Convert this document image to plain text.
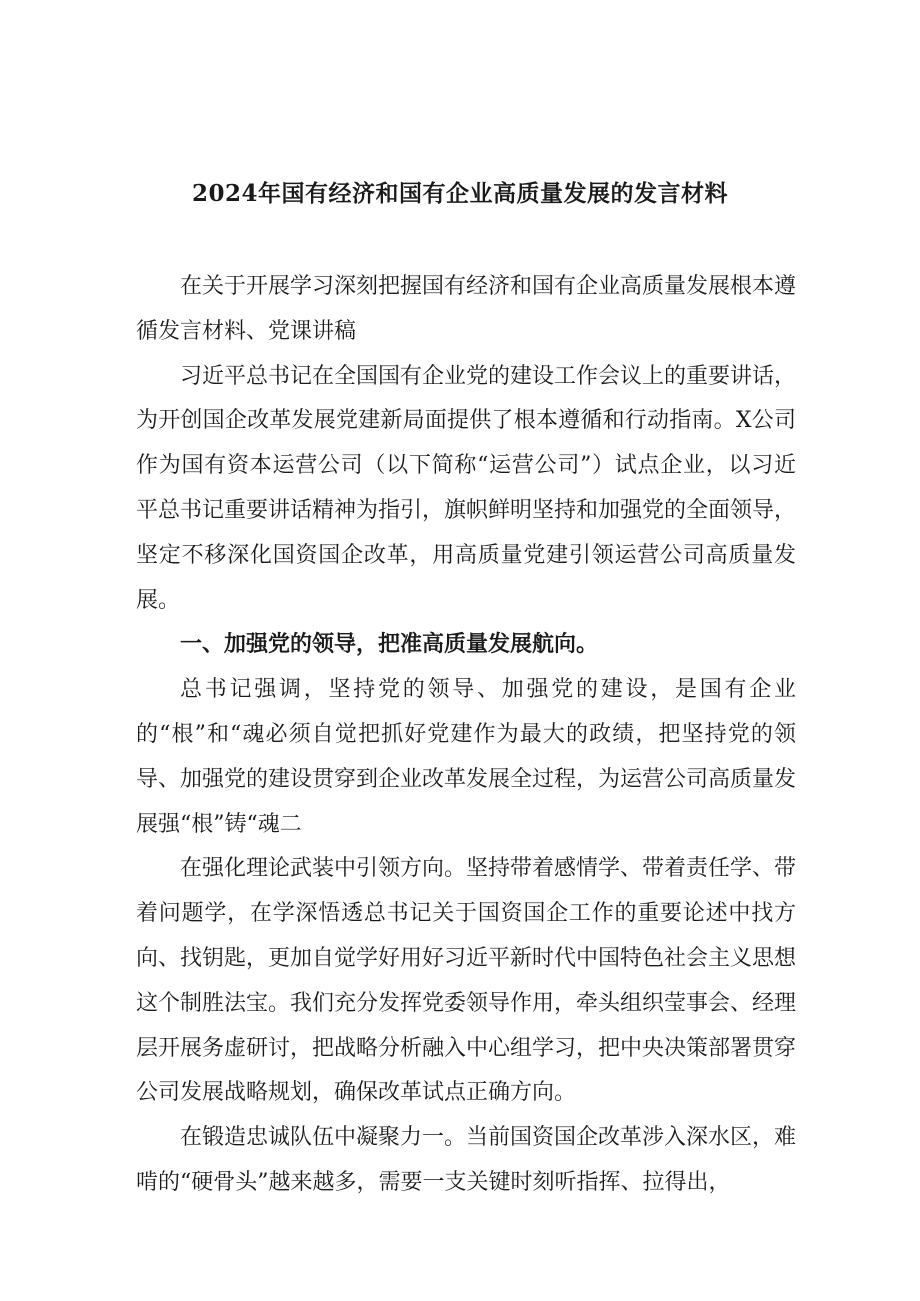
2024年国有经济和国有企业高质量发展的发言材料

在关于开展学习深刻把握国有经济和国有企业高质量发展根本遵循发言材料、党课讲稿

习近平总书记在全国国有企业党的建设工作会议上的重要讲话，为开创国企改革发展党建新局面提供了根本遵循和行动指南。X公司作为国有资本运营公司（以下简称“运营公司”）试点企业，以习近平总书记重要讲话精神为指引，旗帜鲜明坚持和加强党的全面领导，坚定不移深化国资国企改革，用高质量党建引领运营公司高质量发展。

一、加强党的领导，把准高质量发展航向。

总书记强调，坚持党的领导、加强党的建设，是国有企业的“根”和“魂必须自觉把抓好党建作为最大的政绩，把坚持党的领导、加强党的建设贯穿到企业改革发展全过程，为运营公司高质量发展强“根”铸“魂二

在强化理论武装中引领方向。坚持带着感情学、带着责任学、带着问题学，在学深悟透总书记关于国资国企工作的重要论述中找方向、找钥匙，更加自觉学好用好习近平新时代中国特色社会主义思想这个制胜法宝。我们充分发挥党委领导作用，牵头组织莹事会、经理层开展务虚研讨，把战略分析融入中心组学习，把中央决策部署贯穿公司发展战略规划，确保改革试点正确方向。

在锻造忠诚队伍中凝聚力一。当前国资国企改革涉入深水区，难啃的“硬骨头”越来越多，需要一支关键时刻听指挥、拉得出，
